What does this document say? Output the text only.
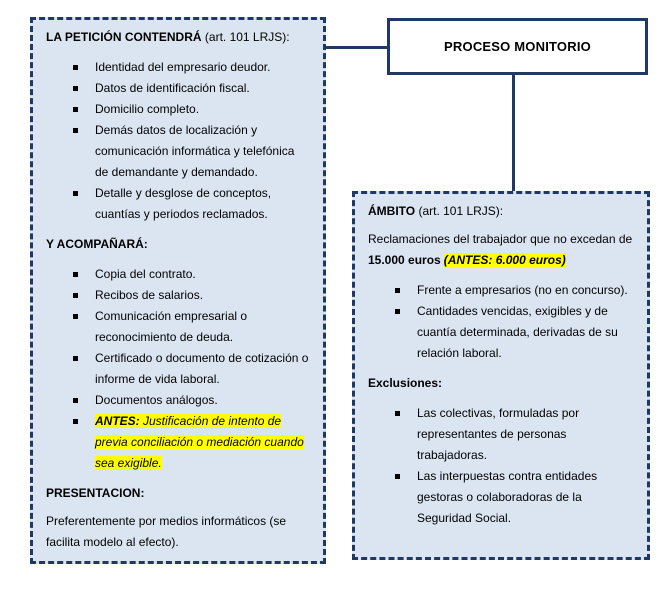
PROCESO MONITORIO
LA PETICIÓN CONTENDRÁ (art. 101 LRJS):
Identidad del empresario deudor.
Datos de identificación fiscal.
Domicilio completo.
Demás datos de localización y comunicación informática y telefónica de demandante y demandado.
Detalle y desglose de conceptos, cuantías y periodos reclamados.
Y ACOMPAÑARÁ:
Copia del contrato.
Recibos de salarios.
Comunicación empresarial o reconocimiento de deuda.
Certificado o documento de cotización o informe de vida laboral.
Documentos análogos.
ANTES: Justificación de intento de previa conciliación o mediación cuando sea exigible.
PRESENTACION:
Preferentemente por medios informáticos (se facilita modelo al efecto).
ÁMBITO (art. 101 LRJS):
Reclamaciones del trabajador que no excedan de 15.000 euros (ANTES: 6.000 euros)
Frente a empresarios (no en concurso).
Cantidades vencidas, exigibles y de cuantía determinada, derivadas de su relación laboral.
Exclusiones:
Las colectivas, formuladas por representantes de personas trabajadoras.
Las interpuestas contra entidades gestoras o colaboradoras de la Seguridad Social.
